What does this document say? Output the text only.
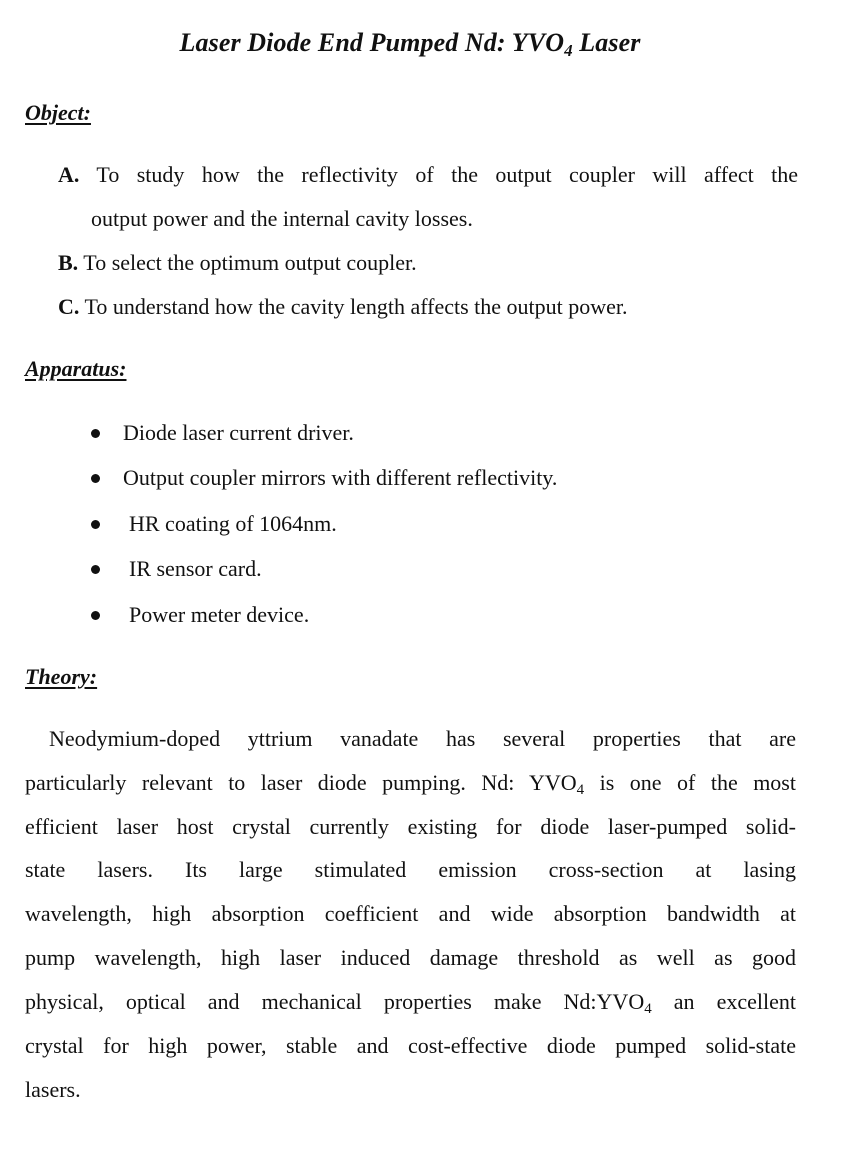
Laser Diode End Pumped Nd: $YVO_4$ Laser
Object:
A. To study how the reflectivity of the output coupler will affect the
output power and the internal cavity losses.
B. To select the optimum output coupler.
C. To understand how the cavity length affects the output power.
Apparatus:
Diode laser current driver.
Output coupler mirrors with different reflectivity.
HR coating of 1064nm.
IR sensor card.
Power meter device.
Theory:
Neodymium-doped yttrium vanadate has several properties that are
particularly relevant to laser diode pumping. Nd: YVO4 is one of the most
efficient laser host crystal currently existing for diode laser-pumped solid-
state lasers. Its large stimulated emission cross-section at lasing
wavelength, high absorption coefficient and wide absorption bandwidth at
pump wavelength, high laser induced damage threshold as well as good
physical, optical and mechanical properties make Nd:YVO4 an excellent
crystal for high power, stable and cost-effective diode pumped solid-state
lasers.
